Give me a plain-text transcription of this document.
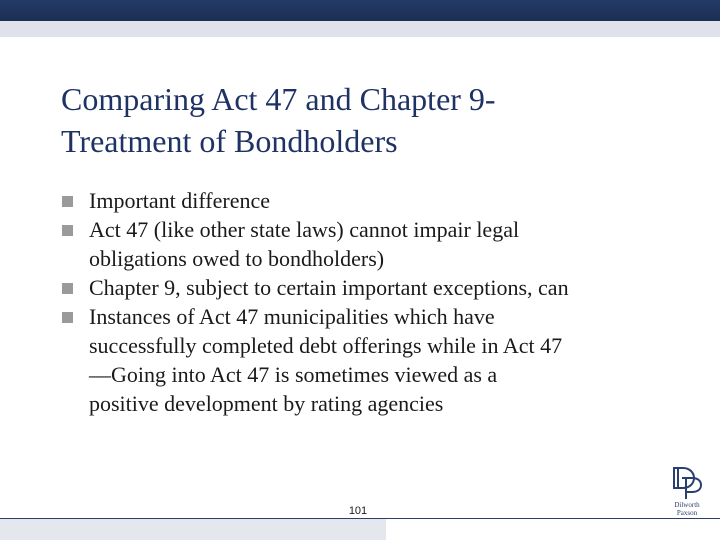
Comparing Act 47 and Chapter 9-
Treatment of Bondholders
Important difference
Act 47 (like other state laws) cannot impair legal
obligations owed to bondholders)
Chapter 9, subject to certain important exceptions, can
Instances of Act 47 municipalities which have
successfully completed debt offerings while in Act 47
—Going into Act 47 is sometimes viewed as a
positive development by rating agencies
101	Dilworth
Paxson
